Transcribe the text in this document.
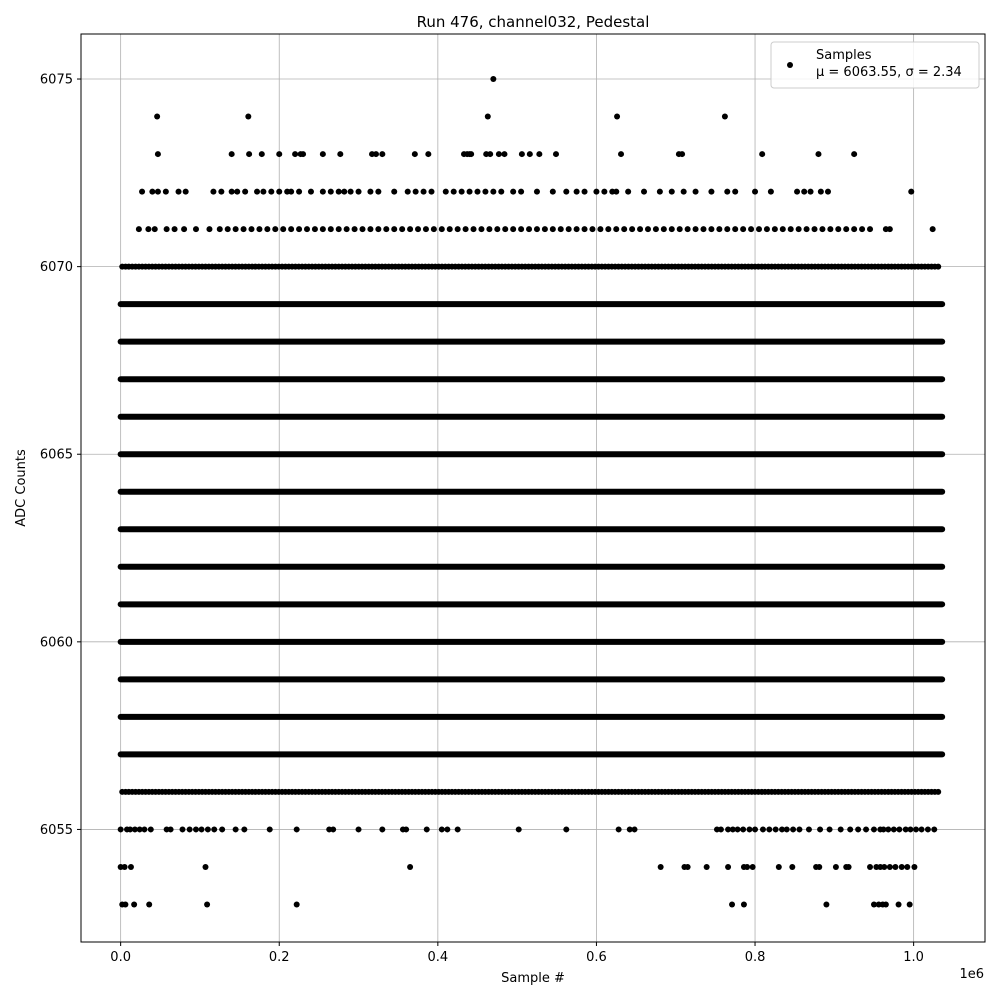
0.0	0.2	0.4	0.6	0.8	1.0
6055
6060
6065
6070
6075
Run 476, channel032, Pedestal
Sample #
ADC Counts
1e6
Samples
μ = 6063.55, σ = 2.34
